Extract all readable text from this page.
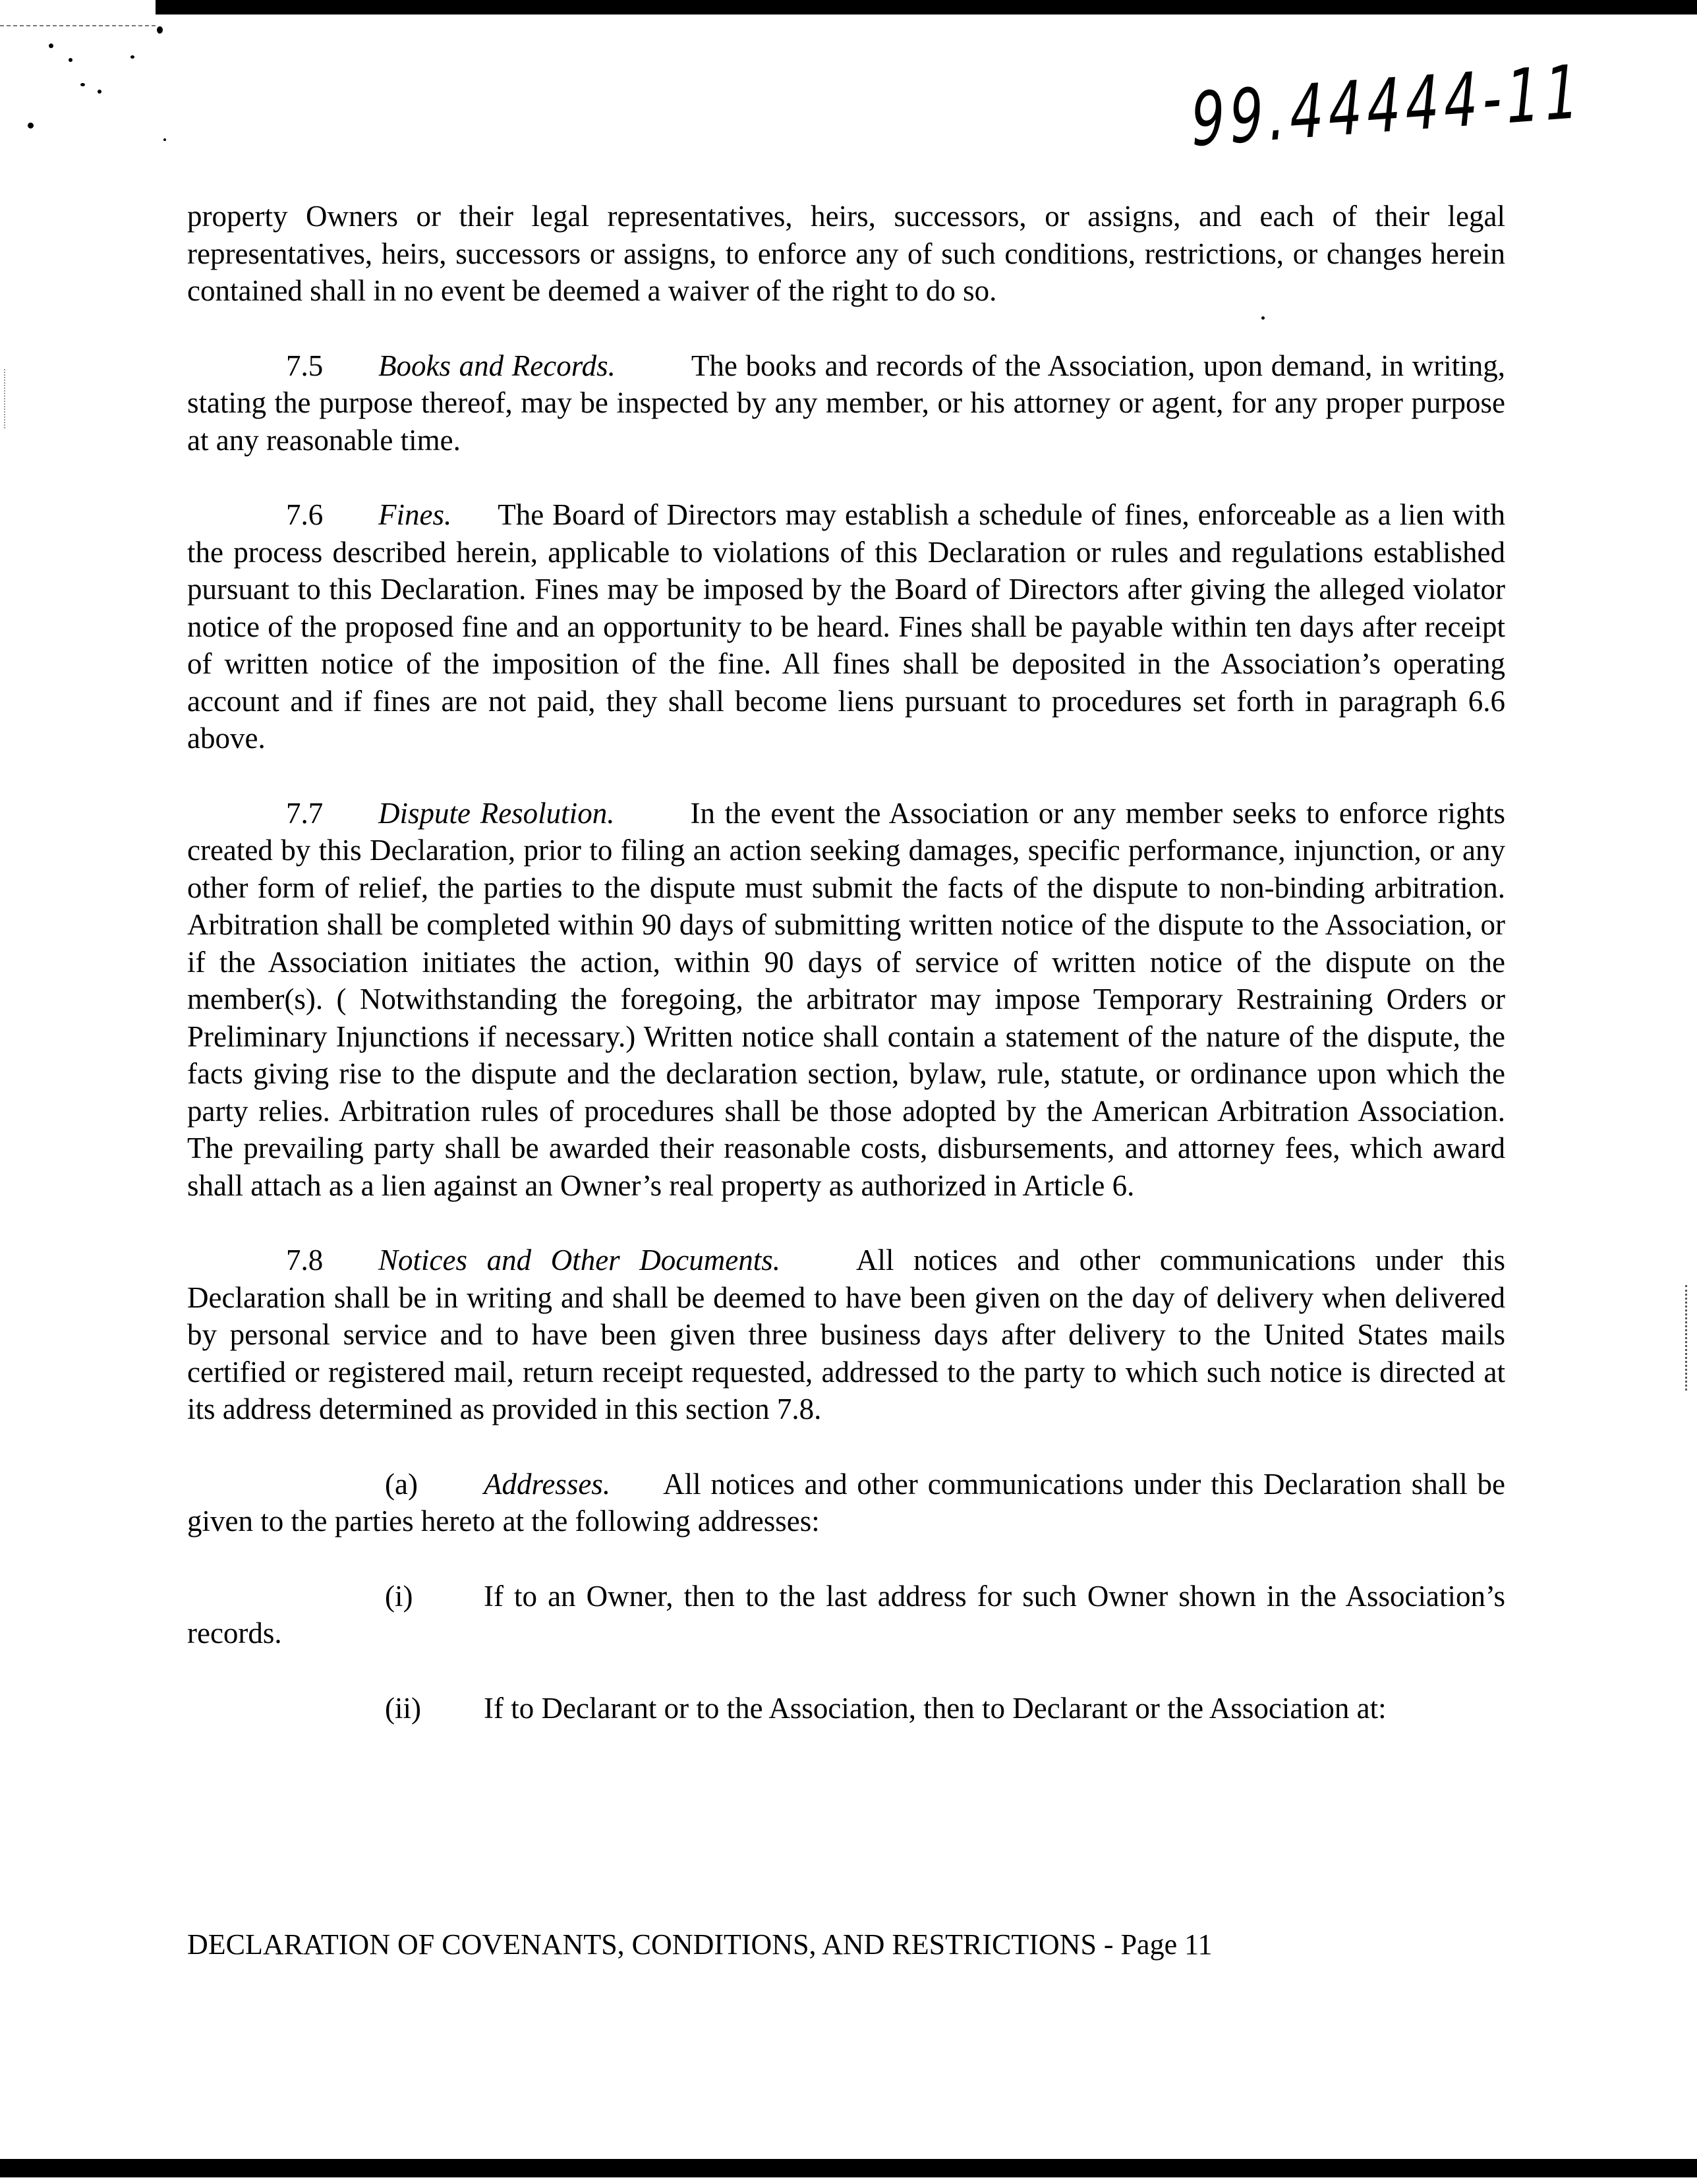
99.44444-11

property Owners or their legal representatives, heirs, successors, or assigns, and each of their legal representatives, heirs, successors or assigns, to enforce any of such conditions, restrictions, or changes herein contained shall in no event be deemed a waiver of the right to do so.

7.5 Books and Records.	The books and records of the Association, upon demand, in writing, stating the purpose thereof, may be inspected by any member, or his attorney or agent, for any proper purpose at any reasonable time.

7.6 Fines. The Board of Directors may establish a schedule of fines, enforceable as a lien with the process described herein, applicable to violations of this Declaration or rules and regulations established pursuant to this Declaration. Fines may be imposed by the Board of Directors after giving the alleged violator notice of the proposed fine and an opportunity to be heard. Fines shall be payable within ten days after receipt of written notice of the imposition of the fine. All fines shall be deposited in the Association’s operating account and if fines are not paid, they shall become liens pursuant to procedures set forth in paragraph 6.6 above.

7.7 Dispute Resolution.	In the event the Association or any member seeks to enforce rights created by this Declaration, prior to filing an action seeking damages, specific performance, injunction, or any other form of relief, the parties to the dispute must submit the facts of the dispute to non-binding arbitration. Arbitration shall be completed within 90 days of submitting written notice of the dispute to the Association, or if the Association initiates the action, within 90 days of service of written notice of the dispute on the member(s). ( Notwithstanding the foregoing, the arbitrator may impose Temporary Restraining Orders or Preliminary Injunctions if necessary.) Written notice shall contain a statement of the nature of the dispute, the facts giving rise to the dispute and the declaration section, bylaw, rule, statute, or ordinance upon which the party relies. Arbitration rules of procedures shall be those adopted by the American Arbitration Association. The prevailing party shall be awarded their reasonable costs, disbursements, and attorney fees, which award shall attach as a lien against an Owner’s real property as authorized in Article 6.

7.8 Notices and Other Documents.	All notices and other communications under this Declaration shall be in writing and shall be deemed to have been given on the day of delivery when delivered by personal service and to have been given three business days after delivery to the United States mails certified or registered mail, return receipt requested, addressed to the party to which such notice is directed at its address determined as provided in this section 7.8.

(a) Addresses. All notices and other communications under this Declaration shall be given to the parties hereto at the following addresses:

(i) If to an Owner, then to the last address for such Owner shown in the Association’s records.

(ii) If to Declarant or to the Association, then to Declarant or the Association at:

DECLARATION OF COVENANTS, CONDITIONS, AND RESTRICTIONS - Page 11
